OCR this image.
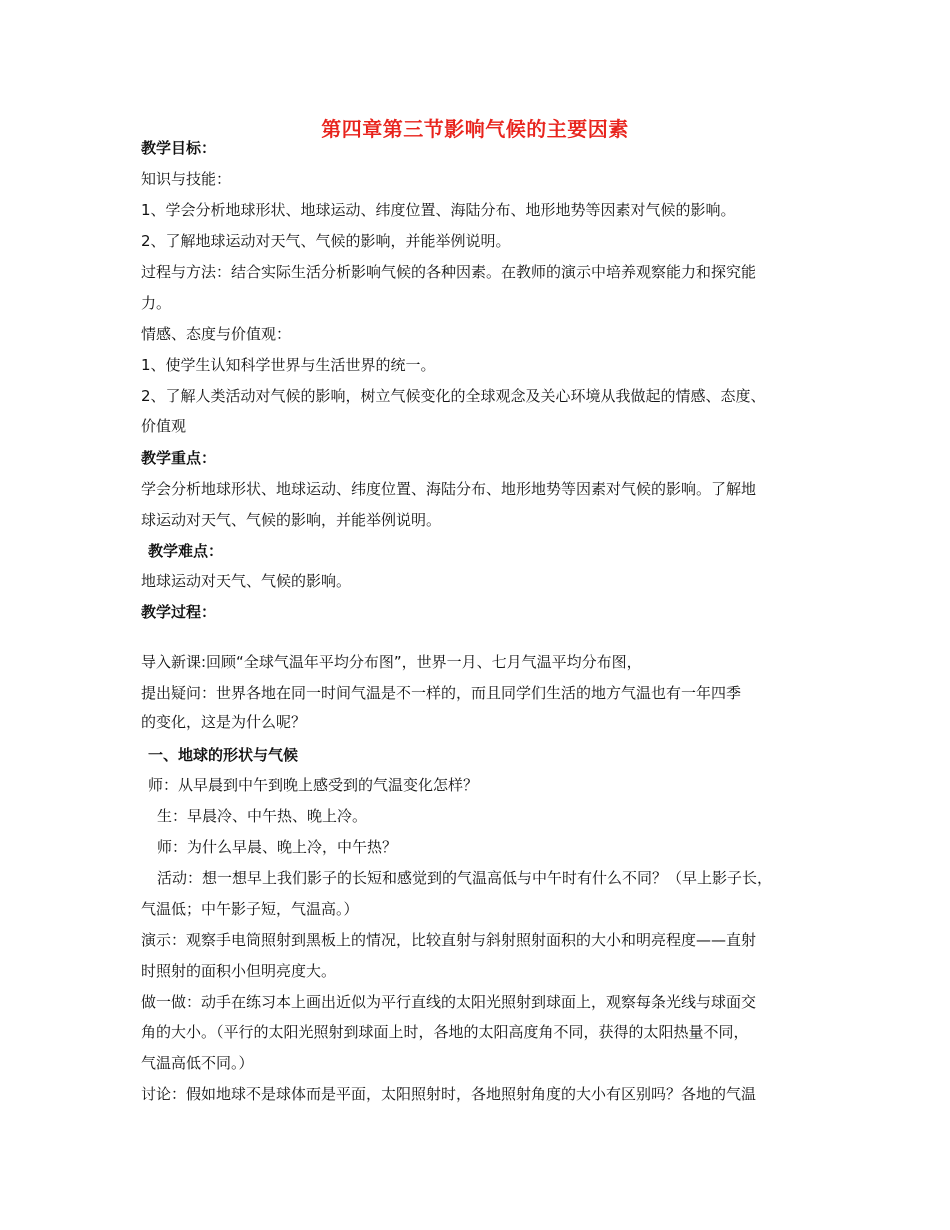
第四章第三节影响气候的主要因素
教学目标：
知识与技能：
1、学会分析地球形状、地球运动、纬度位置、海陆分布、地形地势等因素对气候的影响。
2、了解地球运动对天气、气候的影响，并能举例说明。
过程与方法：结合实际生活分析影响气候的各种因素。在教师的演示中培养观察能力和探究能
力。
情感、态度与价值观：
1、使学生认知科学世界与生活世界的统一。
2、了解人类活动对气候的影响，树立气候变化的全球观念及关心环境从我做起的情感、态度、
价值观
教学重点：
学会分析地球形状、地球运动、纬度位置、海陆分布、地形地势等因素对气候的影响。了解地
球运动对天气、气候的影响，并能举例说明。
教学难点：
地球运动对天气、气候的影响。
教学过程：
导入新课:回顾“全球气温年平均分布图”，世界一月、七月气温平均分布图，
提出疑问：世界各地在同一时间气温是不一样的，而且同学们生活的地方气温也有一年四季
的变化，这是为什么呢？
一、地球的形状与气候
师：从早晨到中午到晚上感受到的气温变化怎样？
生：早晨冷、中午热、晚上冷。
师：为什么早晨、晚上冷，中午热？
活动：想一想早上我们影子的长短和感觉到的气温高低与中午时有什么不同？（早上影子长，
气温低；中午影子短，气温高。）
演示：观察手电筒照射到黑板上的情况，比较直射与斜射照射面积的大小和明亮程度——直射
时照射的面积小但明亮度大。
做一做：动手在练习本上画出近似为平行直线的太阳光照射到球面上，观察每条光线与球面交
角的大小。（平行的太阳光照射到球面上时，各地的太阳高度角不同，获得的太阳热量不同，
气温高低不同。）
讨论：假如地球不是球体而是平面，太阳照射时，各地照射角度的大小有区别吗？各地的气温
